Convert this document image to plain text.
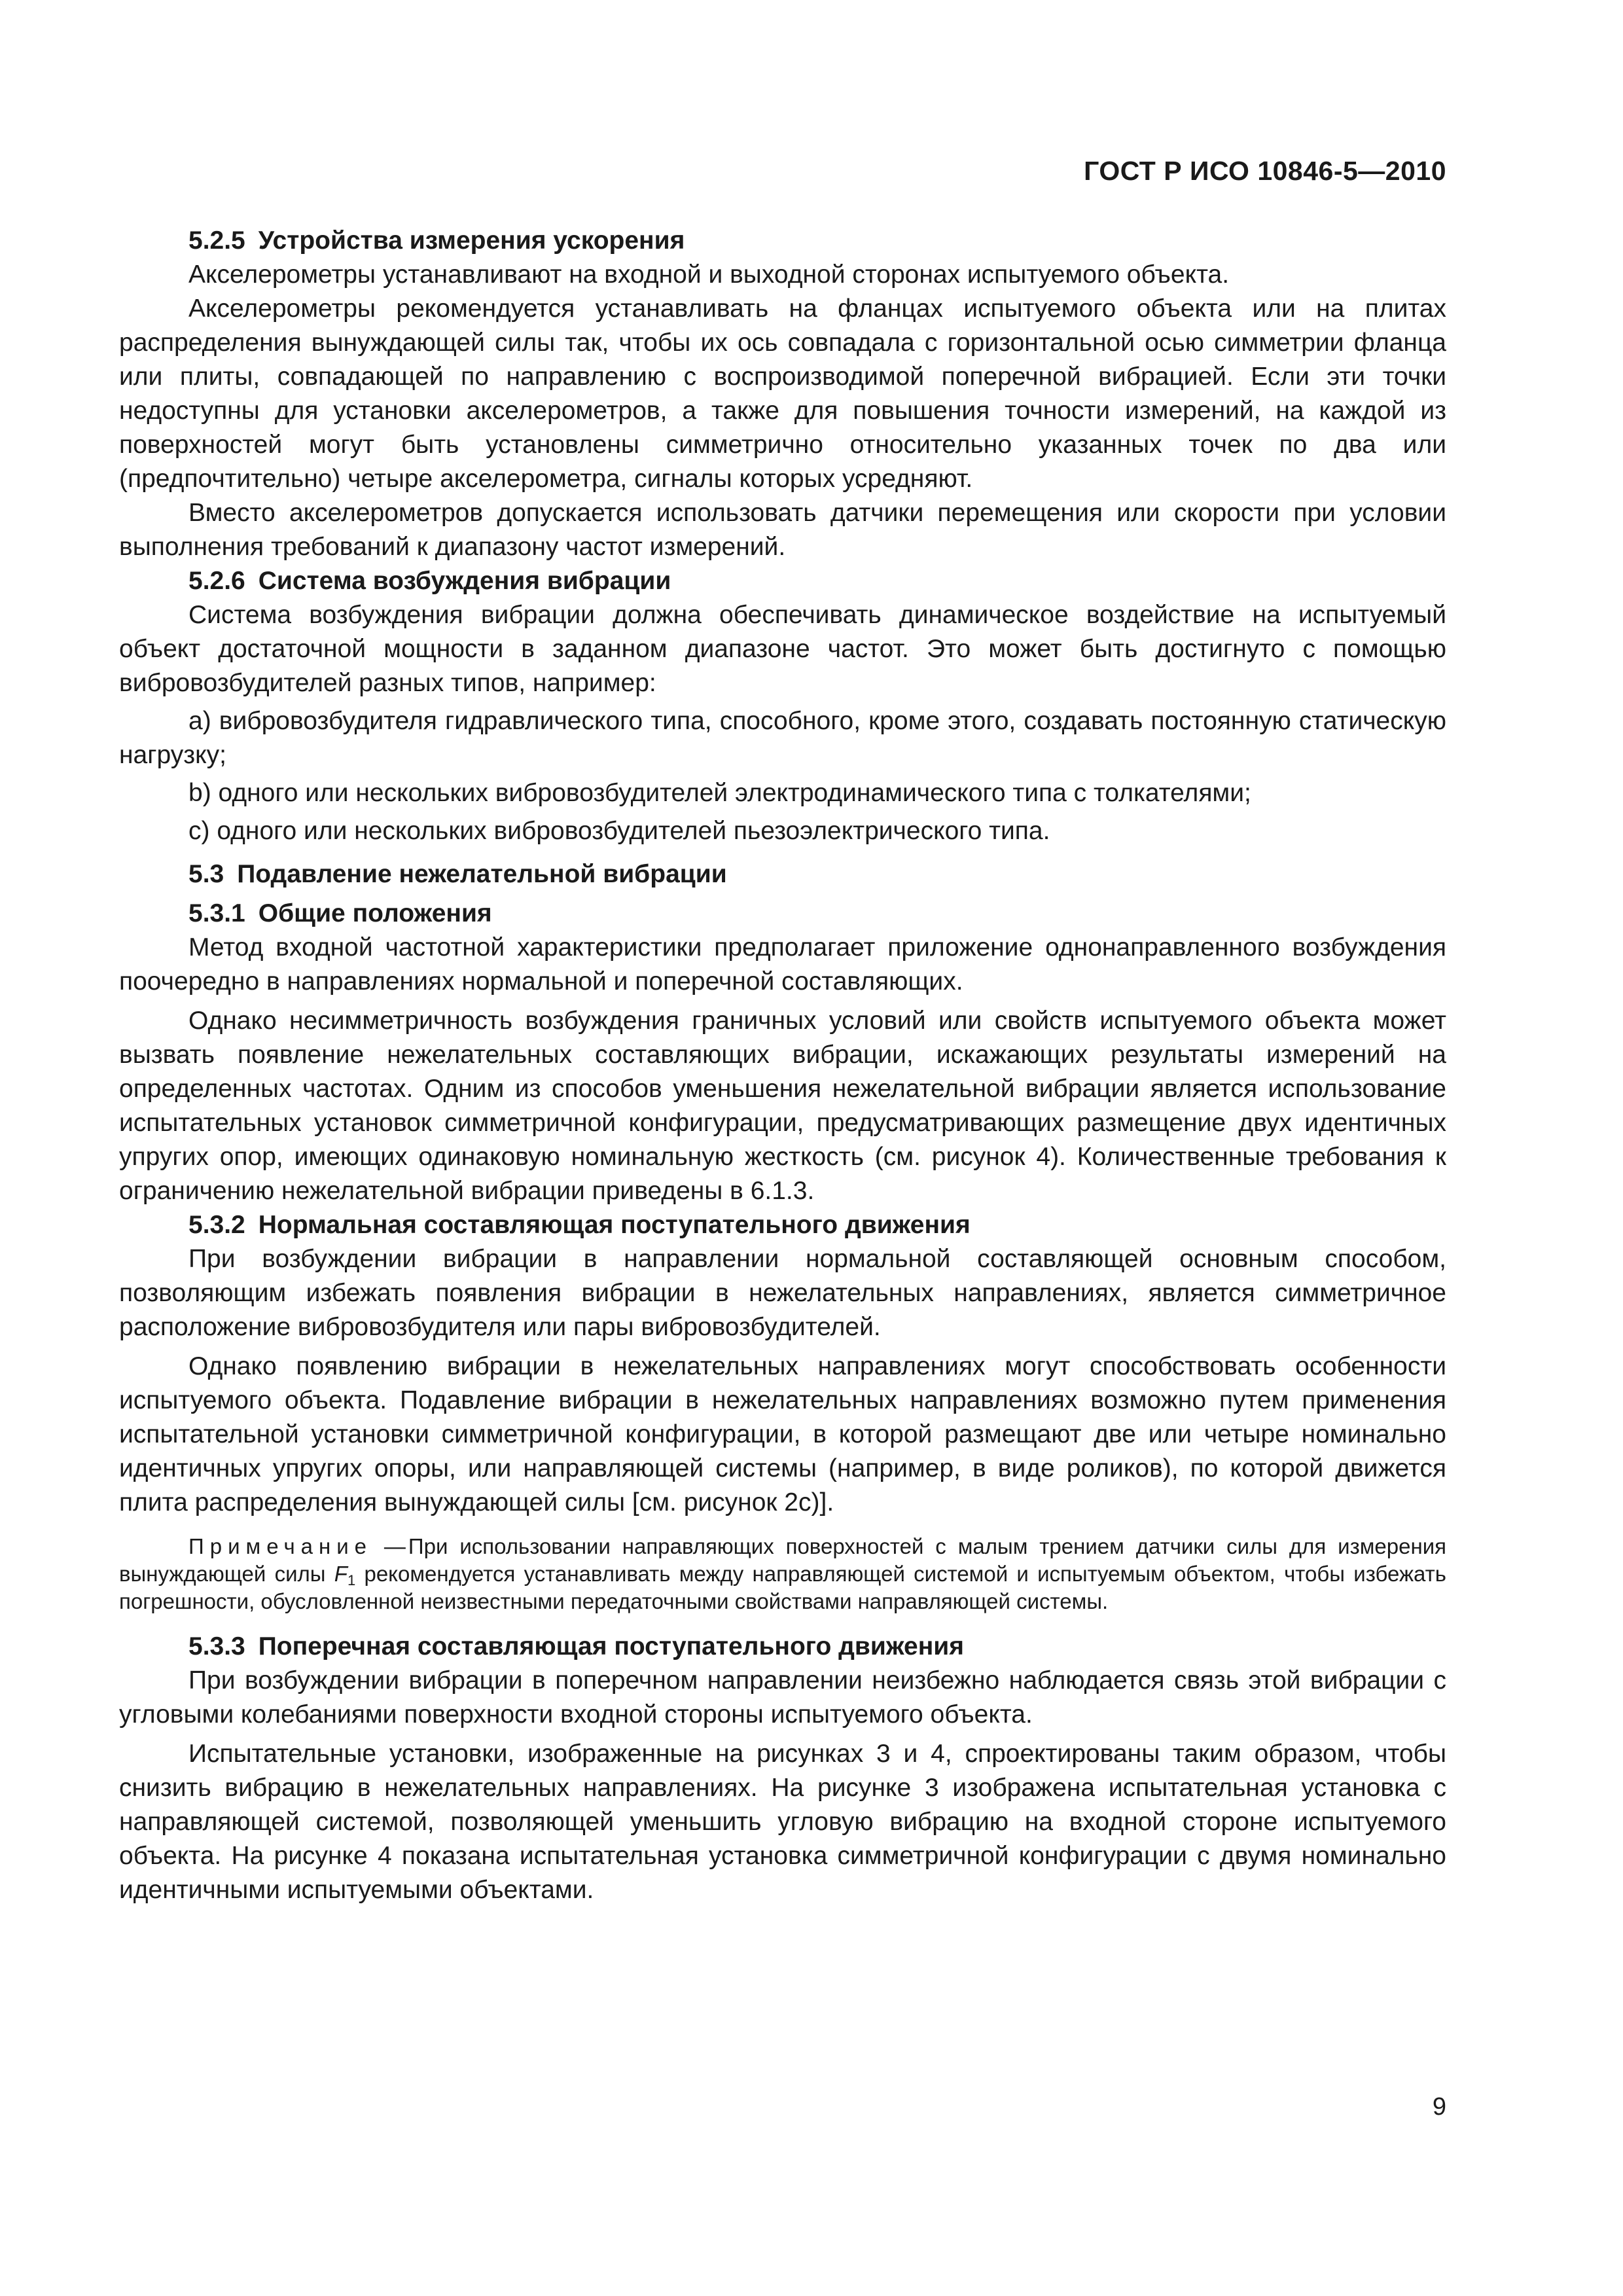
ГОСТ Р ИСО 10846-5—2010
5.2.5 Устройства измерения ускорения

Акселерометры устанавливают на входной и выходной сторонах испытуемого объекта.

Акселерометры рекомендуется устанавливать на фланцах испытуемого объекта или на плитах распределения вынуждающей силы так, чтобы их ось совпадала с горизонтальной осью симметрии фланца или плиты, совпадающей по направлению с воспроизводимой поперечной вибрацией. Если эти точки недоступны для установки акселерометров, а также для повышения точности измерений, на каждой из поверхностей могут быть установлены симметрично относительно указанных точек по два или (предпочтительно) четыре акселерометра, сигналы которых усредняют.

Вместо акселерометров допускается использовать датчики перемещения или скорости при условии выполнения требований к диапазону частот измерений.

5.2.6 Система возбуждения вибрации

Система возбуждения вибрации должна обеспечивать динамическое воздействие на испытуемый объект достаточной мощности в заданном диапазоне частот. Это может быть достигнуто с помощью вибровозбудителей разных типов, например:

a) вибровозбудителя гидравлического типа, способного, кроме этого, создавать постоянную статическую нагрузку;

b) одного или нескольких вибровозбудителей электродинамического типа с толкателями;

c) одного или нескольких вибровозбудителей пьезоэлектрического типа.

5.3 Подавление нежелательной вибрации
5.3.1 Общие положения

Метод входной частотной характеристики предполагает приложение однонаправленного возбуждения поочередно в направлениях нормальной и поперечной составляющих.

Однако несимметричность возбуждения граничных условий или свойств испытуемого объекта может вызвать появление нежелательных составляющих вибрации, искажающих результаты измерений на определенных частотах. Одним из способов уменьшения нежелательной вибрации является использование испытательных установок симметричной конфигурации, предусматривающих размещение двух идентичных упругих опор, имеющих одинаковую номинальную жесткость (см. рисунок 4). Количественные требования к ограничению нежелательной вибрации приведены в 6.1.3.

5.3.2 Нормальная составляющая поступательного движения

При возбуждении вибрации в направлении нормальной составляющей основным способом, позволяющим избежать появления вибрации в нежелательных направлениях, является симметричное расположение вибровозбудителя или пары вибровозбудителей.

Однако появлению вибрации в нежелательных направлениях могут способствовать особенности испытуемого объекта. Подавление вибрации в нежелательных направлениях возможно путем применения испытательной установки симметричной конфигурации, в которой размещают две или четыре номинально идентичных упругих опоры, или направляющей системы (например, в виде роликов), по которой движется плита распределения вынуждающей силы [см. рисунок 2c)].

Примечание — При использовании направляющих поверхностей с малым трением датчики силы для измерения вынуждающей силы $F_1$ рекомендуется устанавливать между направляющей системой и испытуемым объектом, чтобы избежать погрешности, обусловленной неизвестными передаточными свойствами направляющей системы.
5.3.3 Поперечная составляющая поступательного движения

При возбуждении вибрации в поперечном направлении неизбежно наблюдается связь этой вибрации с угловыми колебаниями поверхности входной стороны испытуемого объекта.

Испытательные установки, изображенные на рисунках 3 и 4, спроектированы таким образом, чтобы снизить вибрацию в нежелательных направлениях. На рисунке 3 изображена испытательная установка с направляющей системой, позволяющей уменьшить угловую вибрацию на входной стороне испытуемого объекта. На рисунке 4 показана испытательная установка симметричной конфигурации с двумя номинально идентичными испытуемыми объектами.

9
